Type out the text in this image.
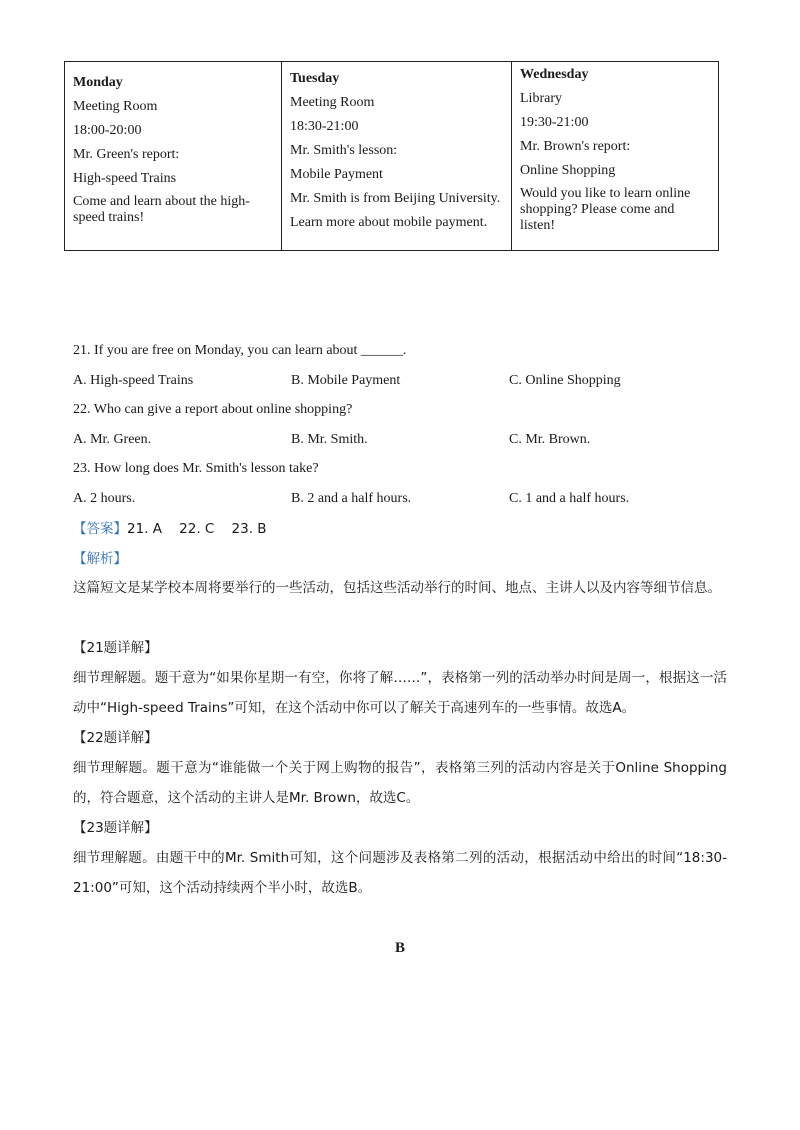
Monday
Meeting Room
18:00-20:00
Mr. Green's report:
High-speed Trains
Come and learn about the high-speed trains!

Tuesday
Meeting Room
18:30-21:00
Mr. Smith's lesson:
Mobile Payment
Mr. Smith is from Beijing University.
Learn more about mobile payment.

Wednesday
Library
19:30-21:00
Mr. Brown's report:
Online Shopping
Would you like to learn online shopping? Please come and listen!
21. If you are free on Monday, you can learn about ______.
A. High-speed Trains	B. Mobile Payment	C. Online Shopping
22. Who can give a report about online shopping?
A. Mr. Green.	B. Mr. Smith.	C. Mr. Brown.
23. How long does Mr. Smith's lesson take?
A. 2 hours.	B. 2 and a half hours.	C. 1 and a half hours.
【答案】21. A    22. C    23. B
【解析】
这篇短文是某学校本周将要举行的一些活动，包括这些活动举行的时间、地点、主讲人以及内容等细节信息。
【21题详解】
细节理解题。题干意为“如果你星期一有空，你将了解……”，表格第一列的活动举办时间是周一，根据这一活动中“High-speed Trains”可知，在这个活动中你可以了解关于高速列车的一些事情。故选A。
【22题详解】
细节理解题。题干意为“谁能做一个关于网上购物的报告”，表格第三列的活动内容是关于Online Shopping的，符合题意，这个活动的主讲人是Mr. Brown，故选C。
【23题详解】
细节理解题。由题干中的Mr. Smith可知，这个问题涉及表格第二列的活动，根据活动中给出的时间“18:30-21:00”可知，这个活动持续两个半小时，故选B。
B
